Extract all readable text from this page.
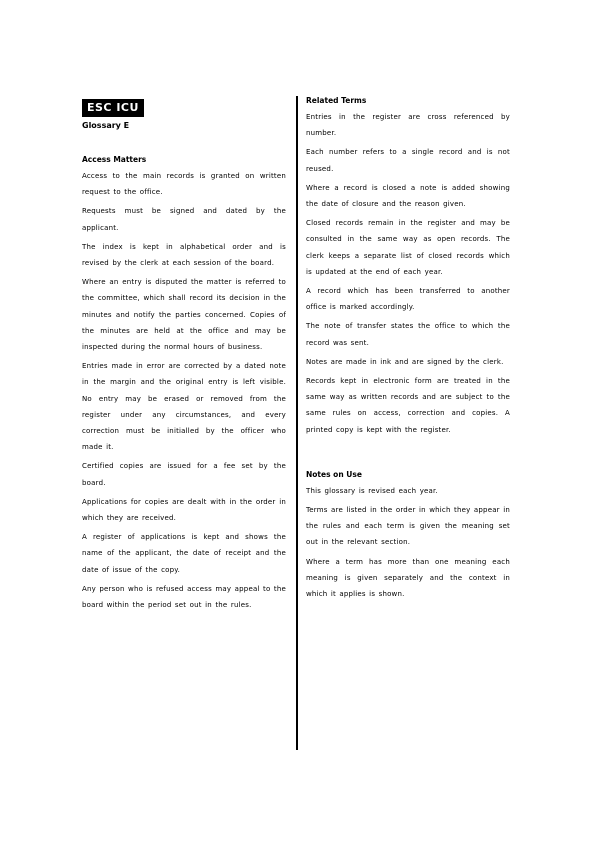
ESC ICU
Glossary E
Access Matters
Access to the main records is granted on written request to the office.
Requests must be signed and dated by the applicant.
The index is kept in alphabetical order and is revised by the clerk at each session of the board.
Where an entry is disputed the matter is referred to the committee, which shall record its decision in the minutes and notify the parties concerned. Copies of the minutes are held at the office and may be inspected during the normal hours of business.
Entries made in error are corrected by a dated note in the margin and the original entry is left visible. No entry may be erased or removed from the register under any circumstances, and every correction must be initialled by the officer who made it.
Certified copies are issued for a fee set by the board.
Applications for copies are dealt with in the order in which they are received.
A register of applications is kept and shows the name of the applicant, the date of receipt and the date of issue of the copy.
Any person who is refused access may appeal to the board within the period set out in the rules.
Related Terms
Entries in the register are cross referenced by number.
Each number refers to a single record and is not reused.
Where a record is closed a note is added showing the date of closure and the reason given.
Closed records remain in the register and may be consulted in the same way as open records. The clerk keeps a separate list of closed records which is updated at the end of each year.
A record which has been transferred to another office is marked accordingly.
The note of transfer states the office to which the record was sent.
Notes are made in ink and are signed by the clerk.
Records kept in electronic form are treated in the same way as written records and are subject to the same rules on access, correction and copies. A printed copy is kept with the register.
Notes on Use
This glossary is revised each year.
Terms are listed in the order in which they appear in the rules and each term is given the meaning set out in the relevant section.
Where a term has more than one meaning each meaning is given separately and the context in which it applies is shown.
